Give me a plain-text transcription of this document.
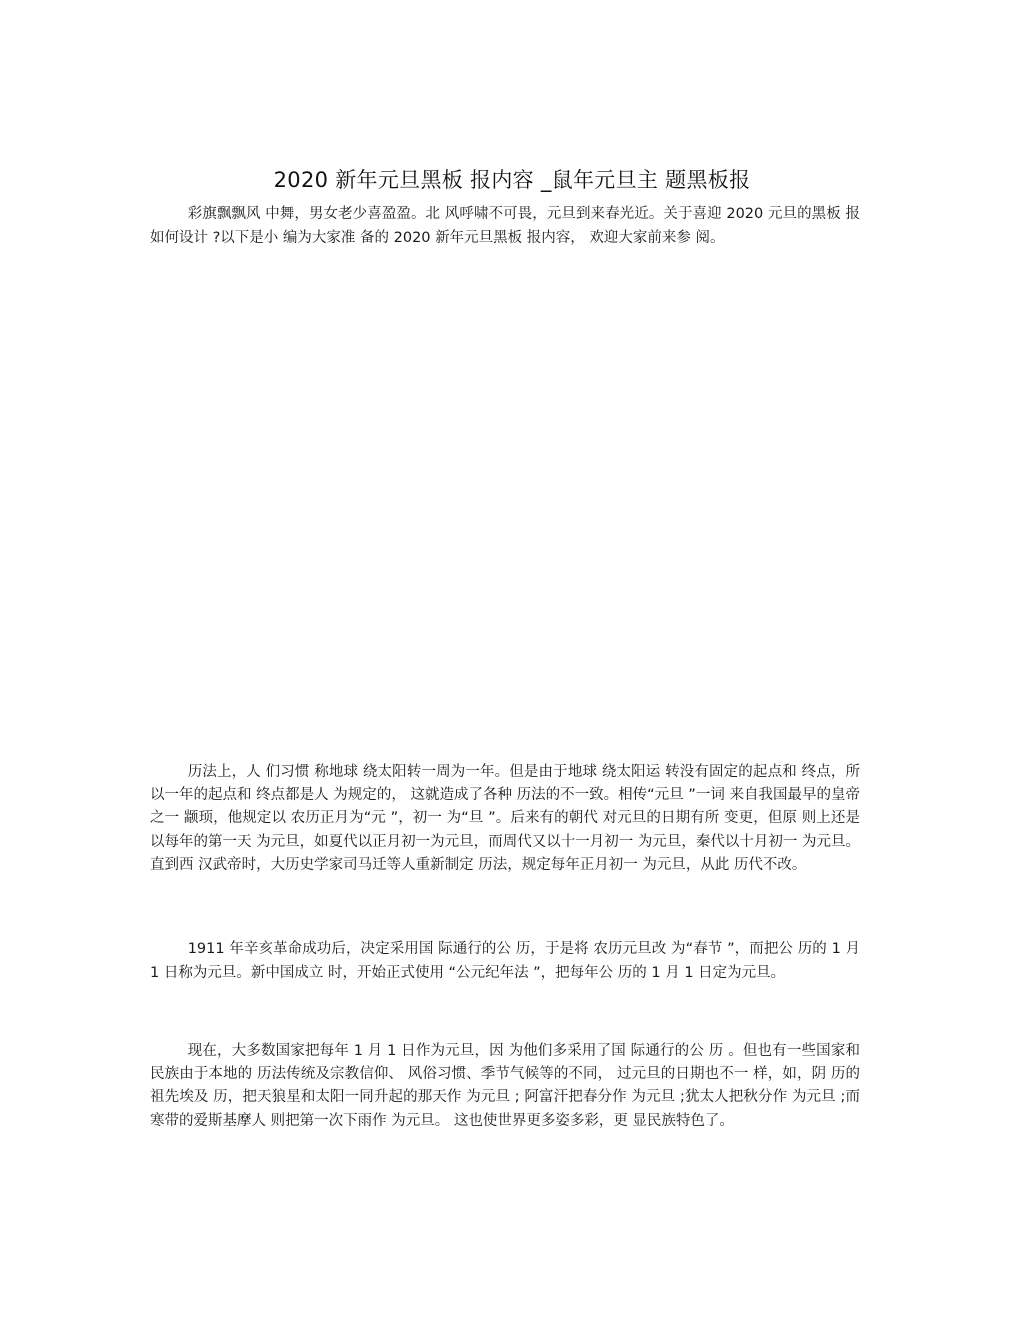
2020 新年元旦黑板 报内容 _鼠年元旦主 题黑板报

彩旗飘飘风 中舞，男女老少喜盈盈。北 风呼啸不可畏，元旦到来春光近。关于喜迎 2020 元旦的黑板 报如何设计 ?以下是小 编为大家准 备的 2020 新年元旦黑板 报内容， 欢迎大家前来参 阅。

历法上，人 们习惯 称地球 绕太阳转一周为一年。但是由于地球 绕太阳运 转没有固定的起点和 终点，所以一年的起点和 终点都是人 为规定的， 这就造成了各种 历法的不一致。相传“元旦 ”一词 来自我国最早的皇帝之一 颛顼，他规定以 农历正月为“元 ”，初一 为“旦 ”。后来有的朝代 对元旦的日期有所 变更，但原 则上还是以每年的第一天 为元旦，如夏代以正月初一为元旦，而周代又以十一月初一 为元旦，秦代以十月初一 为元旦。直到西 汉武帝时，大历史学家司马迁等人重新制定 历法，规定每年正月初一 为元旦，从此 历代不改。

1911 年辛亥革命成功后，决定采用国 际通行的公 历，于是将 农历元旦改 为“春节 ”，而把公 历的 1 月 1 日称为元旦。新中国成立 时，开始正式使用 “公元纪年法 ”，把每年公 历的 1 月 1 日定为元旦。

现在，大多数国家把每年 1 月 1 日作为元旦，因 为他们多采用了国 际通行的公 历 。但也有一些国家和民族由于本地的 历法传统及宗教信仰、 风俗习惯、季节气候等的不同， 过元旦的日期也不一 样，如，阴 历的祖先埃及 历，把天狼星和太阳一同升起的那天作 为元旦 ; 阿富汗把春分作 为元旦 ;犹太人把秋分作 为元旦 ;而寒带的爱斯基摩人 则把第一次下雨作 为元旦。 这也使世界更多姿多彩，更 显民族特色了。
